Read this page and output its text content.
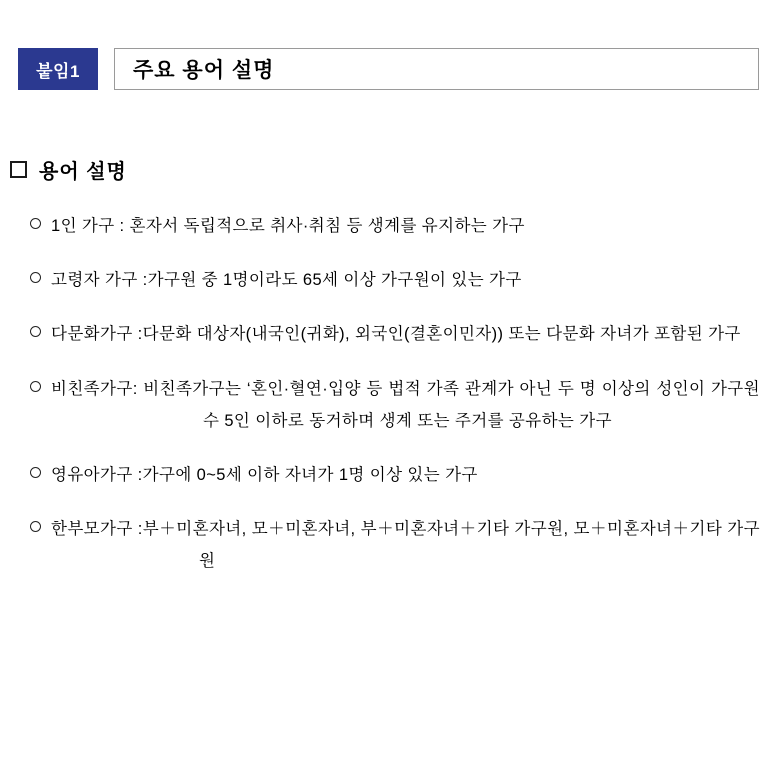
붙임1	주요 용어 설명
용어 설명
1인 가구 : 혼자서 독립적으로 취사·취침 등 생계를 유지하는 가구
고령자 가구 :가구원 중 1명이라도 65세 이상 가구원이 있는 가구
다문화가구 :다문화 대상자(내국인(귀화), 외국인(결혼이민자)) 또는 다문화 자녀가 포함된 가구
비친족가구: 비친족가구는 ‘혼인·혈연·입양 등 법적 가족 관계가 아닌 두 명 이상의 성인이 가구원 수 5인 이하로 동거하며 생계 또는 주거를 공유하는 가구
영유아가구 :가구에 0~5세 이하 자녀가 1명 이상 있는 가구
한부모가구 :부＋미혼자녀, 모＋미혼자녀, 부＋미혼자녀＋기타 가구원, 모＋미혼자녀＋기타 가구원
